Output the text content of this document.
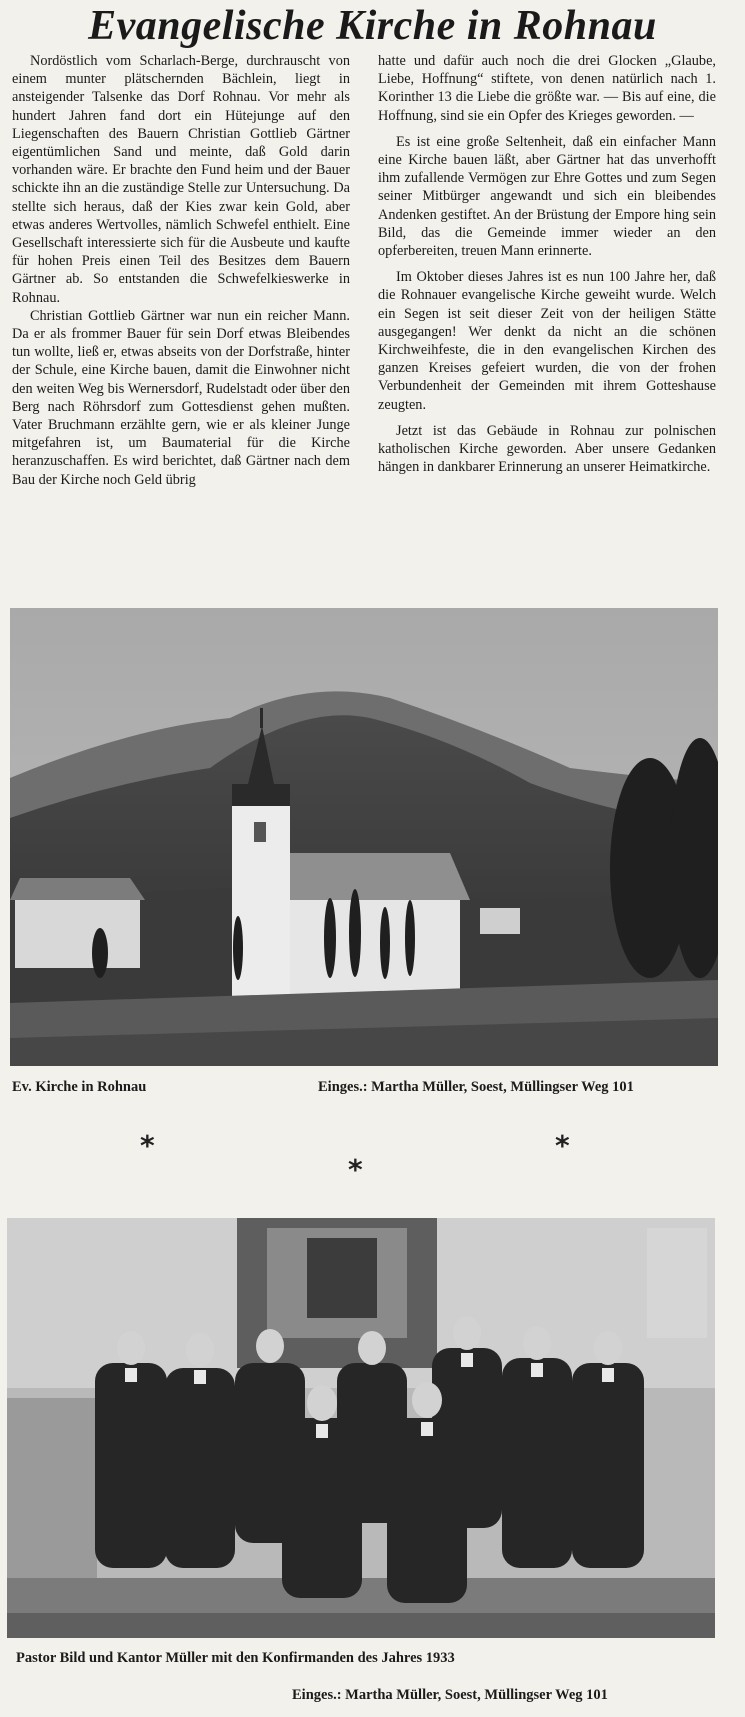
Evangelische Kirche in Rohnau

Nordöstlich vom Scharlach-Berge, durchrauscht von einem munter plätschernden Bächlein, liegt in ansteigender Talsenke das Dorf Rohnau. Vor mehr als hundert Jahren fand dort ein Hütejunge auf den Liegenschaften des Bauern Christian Gottlieb Gärtner eigentümlichen Sand und meinte, daß Gold darin vorhanden wäre. Er brachte den Fund heim und der Bauer schickte ihn an die zuständige Stelle zur Untersuchung. Da stellte sich heraus, daß der Kies zwar kein Gold, aber etwas anderes Wertvolles, nämlich Schwefel enthielt. Eine Gesellschaft interessierte sich für die Ausbeute und kaufte für hohen Preis einen Teil des Besitzes dem Bauern Gärtner ab. So entstanden die Schwefelkieswerke in Rohnau.

Christian Gottlieb Gärtner war nun ein reicher Mann. Da er als frommer Bauer für sein Dorf etwas Bleibendes tun wollte, ließ er, etwas abseits von der Dorfstraße, hinter der Schule, eine Kirche bauen, damit die Einwohner nicht den weiten Weg bis Wernersdorf, Rudelstadt oder über den Berg nach Röhrsdorf zum Gottesdienst gehen mußten. Vater Bruchmann erzählte gern, wie er als kleiner Junge mitgefahren ist, um Baumaterial für die Kirche heranzuschaffen. Es wird berichtet, daß Gärtner nach dem Bau der Kirche noch Geld übrig

hatte und dafür auch noch die drei Glocken „Glaube, Liebe, Hoffnung“ stiftete, von denen natürlich nach 1. Korinther 13 die Liebe die größte war. — Bis auf eine, die Hoffnung, sind sie ein Opfer des Krieges geworden. —

Es ist eine große Seltenheit, daß ein einfacher Mann eine Kirche bauen läßt, aber Gärtner hat das unverhofft ihm zufallende Vermögen zur Ehre Gottes und zum Segen seiner Mitbürger angewandt und sich ein bleibendes Andenken gestiftet. An der Brüstung der Empore hing sein Bild, das die Gemeinde immer wieder an den opferbereiten, treuen Mann erinnerte.

Im Oktober dieses Jahres ist es nun 100 Jahre her, daß die Rohnauer evangelische Kirche geweiht wurde. Welch ein Segen ist seit dieser Zeit von der heiligen Stätte ausgegangen! Wer denkt da nicht an die schönen Kirchweihfeste, die in den evangelischen Kirchen des ganzen Kreises gefeiert wurden, die von der frohen Verbundenheit der Gemeinden mit ihrem Gotteshause zeugten.

Jetzt ist das Gebäude in Rohnau zur polnischen katholischen Kirche geworden. Aber unsere Gedanken hängen in dankbarer Erinnerung an unserer Heimatkirche.

Ev. Kirche in Rohnau	Einges.: Martha Müller, Soest, Müllingser Weg 101
*
*
*
Pastor Bild und Kantor Müller mit den Konfirmanden des Jahres 1933
Einges.: Martha Müller, Soest, Müllingser Weg 101
